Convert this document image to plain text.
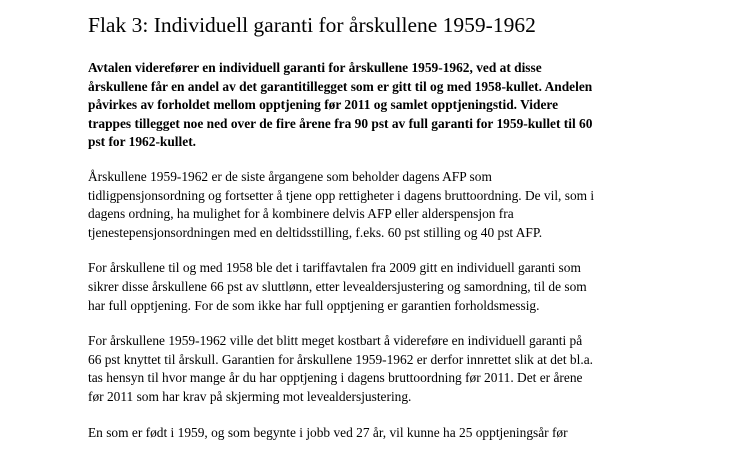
Flak 3: Individuell garanti for årskullene 1959-1962

Avtalen viderefører en individuell garanti for årskullene 1959-1962, ved at disse
årskullene får en andel av det garantitillegget som er gitt til og med 1958-kullet. Andelen
påvirkes av forholdet mellom opptjening før 2011 og samlet opptjeningstid. Videre
trappes tillegget noe ned over de fire årene fra 90 pst av full garanti for 1959-kullet til 60
pst for 1962-kullet.

Årskullene 1959-1962 er de siste årgangene som beholder dagens AFP som
tidligpensjonsordning og fortsetter å tjene opp rettigheter i dagens bruttoordning. De vil, som i
dagens ordning, ha mulighet for å kombinere delvis AFP eller alderspensjon fra
tjenestepensjonsordningen med en deltidsstilling, f.eks. 60 pst stilling og 40 pst AFP.

For årskullene til og med 1958 ble det i tariffavtalen fra 2009 gitt en individuell garanti som
sikrer disse årskullene 66 pst av sluttlønn, etter levealdersjustering og samordning, til de som
har full opptjening. For de som ikke har full opptjening er garantien forholdsmessig.

For årskullene 1959-1962 ville det blitt meget kostbart å videreføre en individuell garanti på
66 pst knyttet til årskull. Garantien for årskullene 1959-1962 er derfor innrettet slik at det bl.a.
tas hensyn til hvor mange år du har opptjening i dagens bruttoordning før 2011. Det er årene
før 2011 som har krav på skjerming mot levealdersjustering.

En som er født i 1959, og som begynte i jobb ved 27 år, vil kunne ha 25 opptjeningsår før
